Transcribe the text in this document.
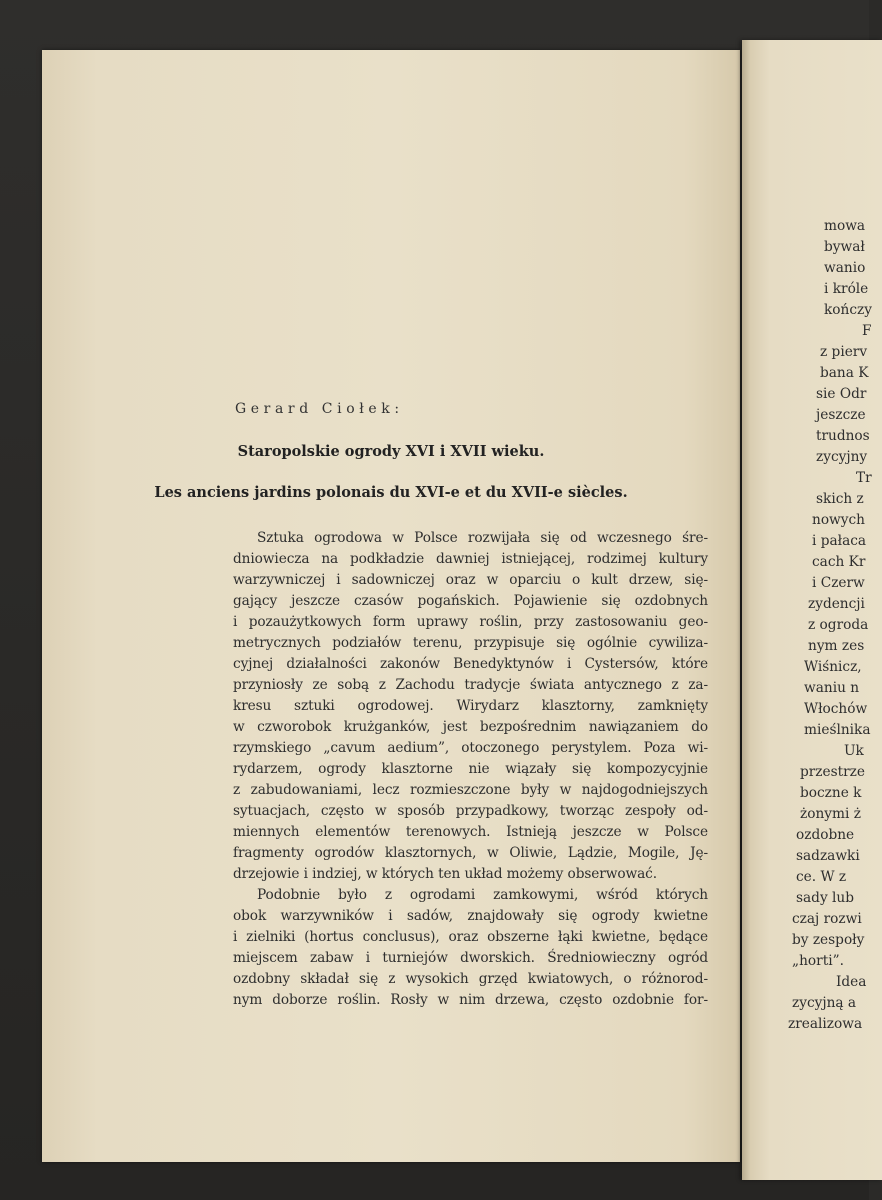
Gerard Ciołek:
Staropolskie ogrody XVI i XVII wieku.
Les anciens jardins polonais du XVI-e et du XVII-e siècles.
Sztuka ogrodowa w Polsce rozwijała się od wczesnego śre-
dniowiecza na podkładzie dawniej istniejącej, rodzimej kultury
warzywniczej i sadowniczej oraz w oparciu o kult drzew, się-
gający jeszcze czasów pogańskich. Pojawienie się ozdobnych
i pozaużytkowych form uprawy roślin, przy zastosowaniu geo-
metrycznych podziałów terenu, przypisuje się ogólnie cywiliza-
cyjnej działalności zakonów Benedyktynów i Cystersów, które
przyniosły ze sobą z Zachodu tradycje świata antycznego z za-
kresu sztuki ogrodowej. Wirydarz klasztorny, zamknięty
w czworobok krużganków, jest bezpośrednim nawiązaniem do
rzymskiego „cavum aedium”, otoczonego perystylem. Poza wi-
rydarzem, ogrody klasztorne nie wiązały się kompozycyjnie
z zabudowaniami, lecz rozmieszczone były w najdogodniejszych
sytuacjach, często w sposób przypadkowy, tworząc zespoły od-
miennych elementów terenowych. Istnieją jeszcze w Polsce
fragmenty ogrodów klasztornych, w Oliwie, Lądzie, Mogile, Ję-
drzejowie i indziej, w których ten układ możemy obserwować.
Podobnie było z ogrodami zamkowymi, wśród których
obok warzywników i sadów, znajdowały się ogrody kwietne
i zielniki (hortus conclusus), oraz obszerne łąki kwietne, będące
miejscem zabaw i turniejów dworskich. Średniowieczny ogród
ozdobny składał się z wysokich grzęd kwiatowych, o różnorod-
nym doborze roślin. Rosły w nim drzewa, często ozdobnie for-
mowa
bywał
wanio
i króle
kończy
F
z pierv
bana K
sie Odr
jeszcze
trudnos
zycyjny
Tr
skich z
nowych
i pałaca
cach Kr
i Czerw
zydencji
z ogroda
nym zes
Wiśnicz,
waniu n
Włochów
mieślnika
Uk
przestrze
boczne k
żonymi ż
ozdobne
sadzawki
ce. W z
sady lub
czaj rozwi
by zespoły
„horti”.
Idea
zycyjną a
zrealizowa
